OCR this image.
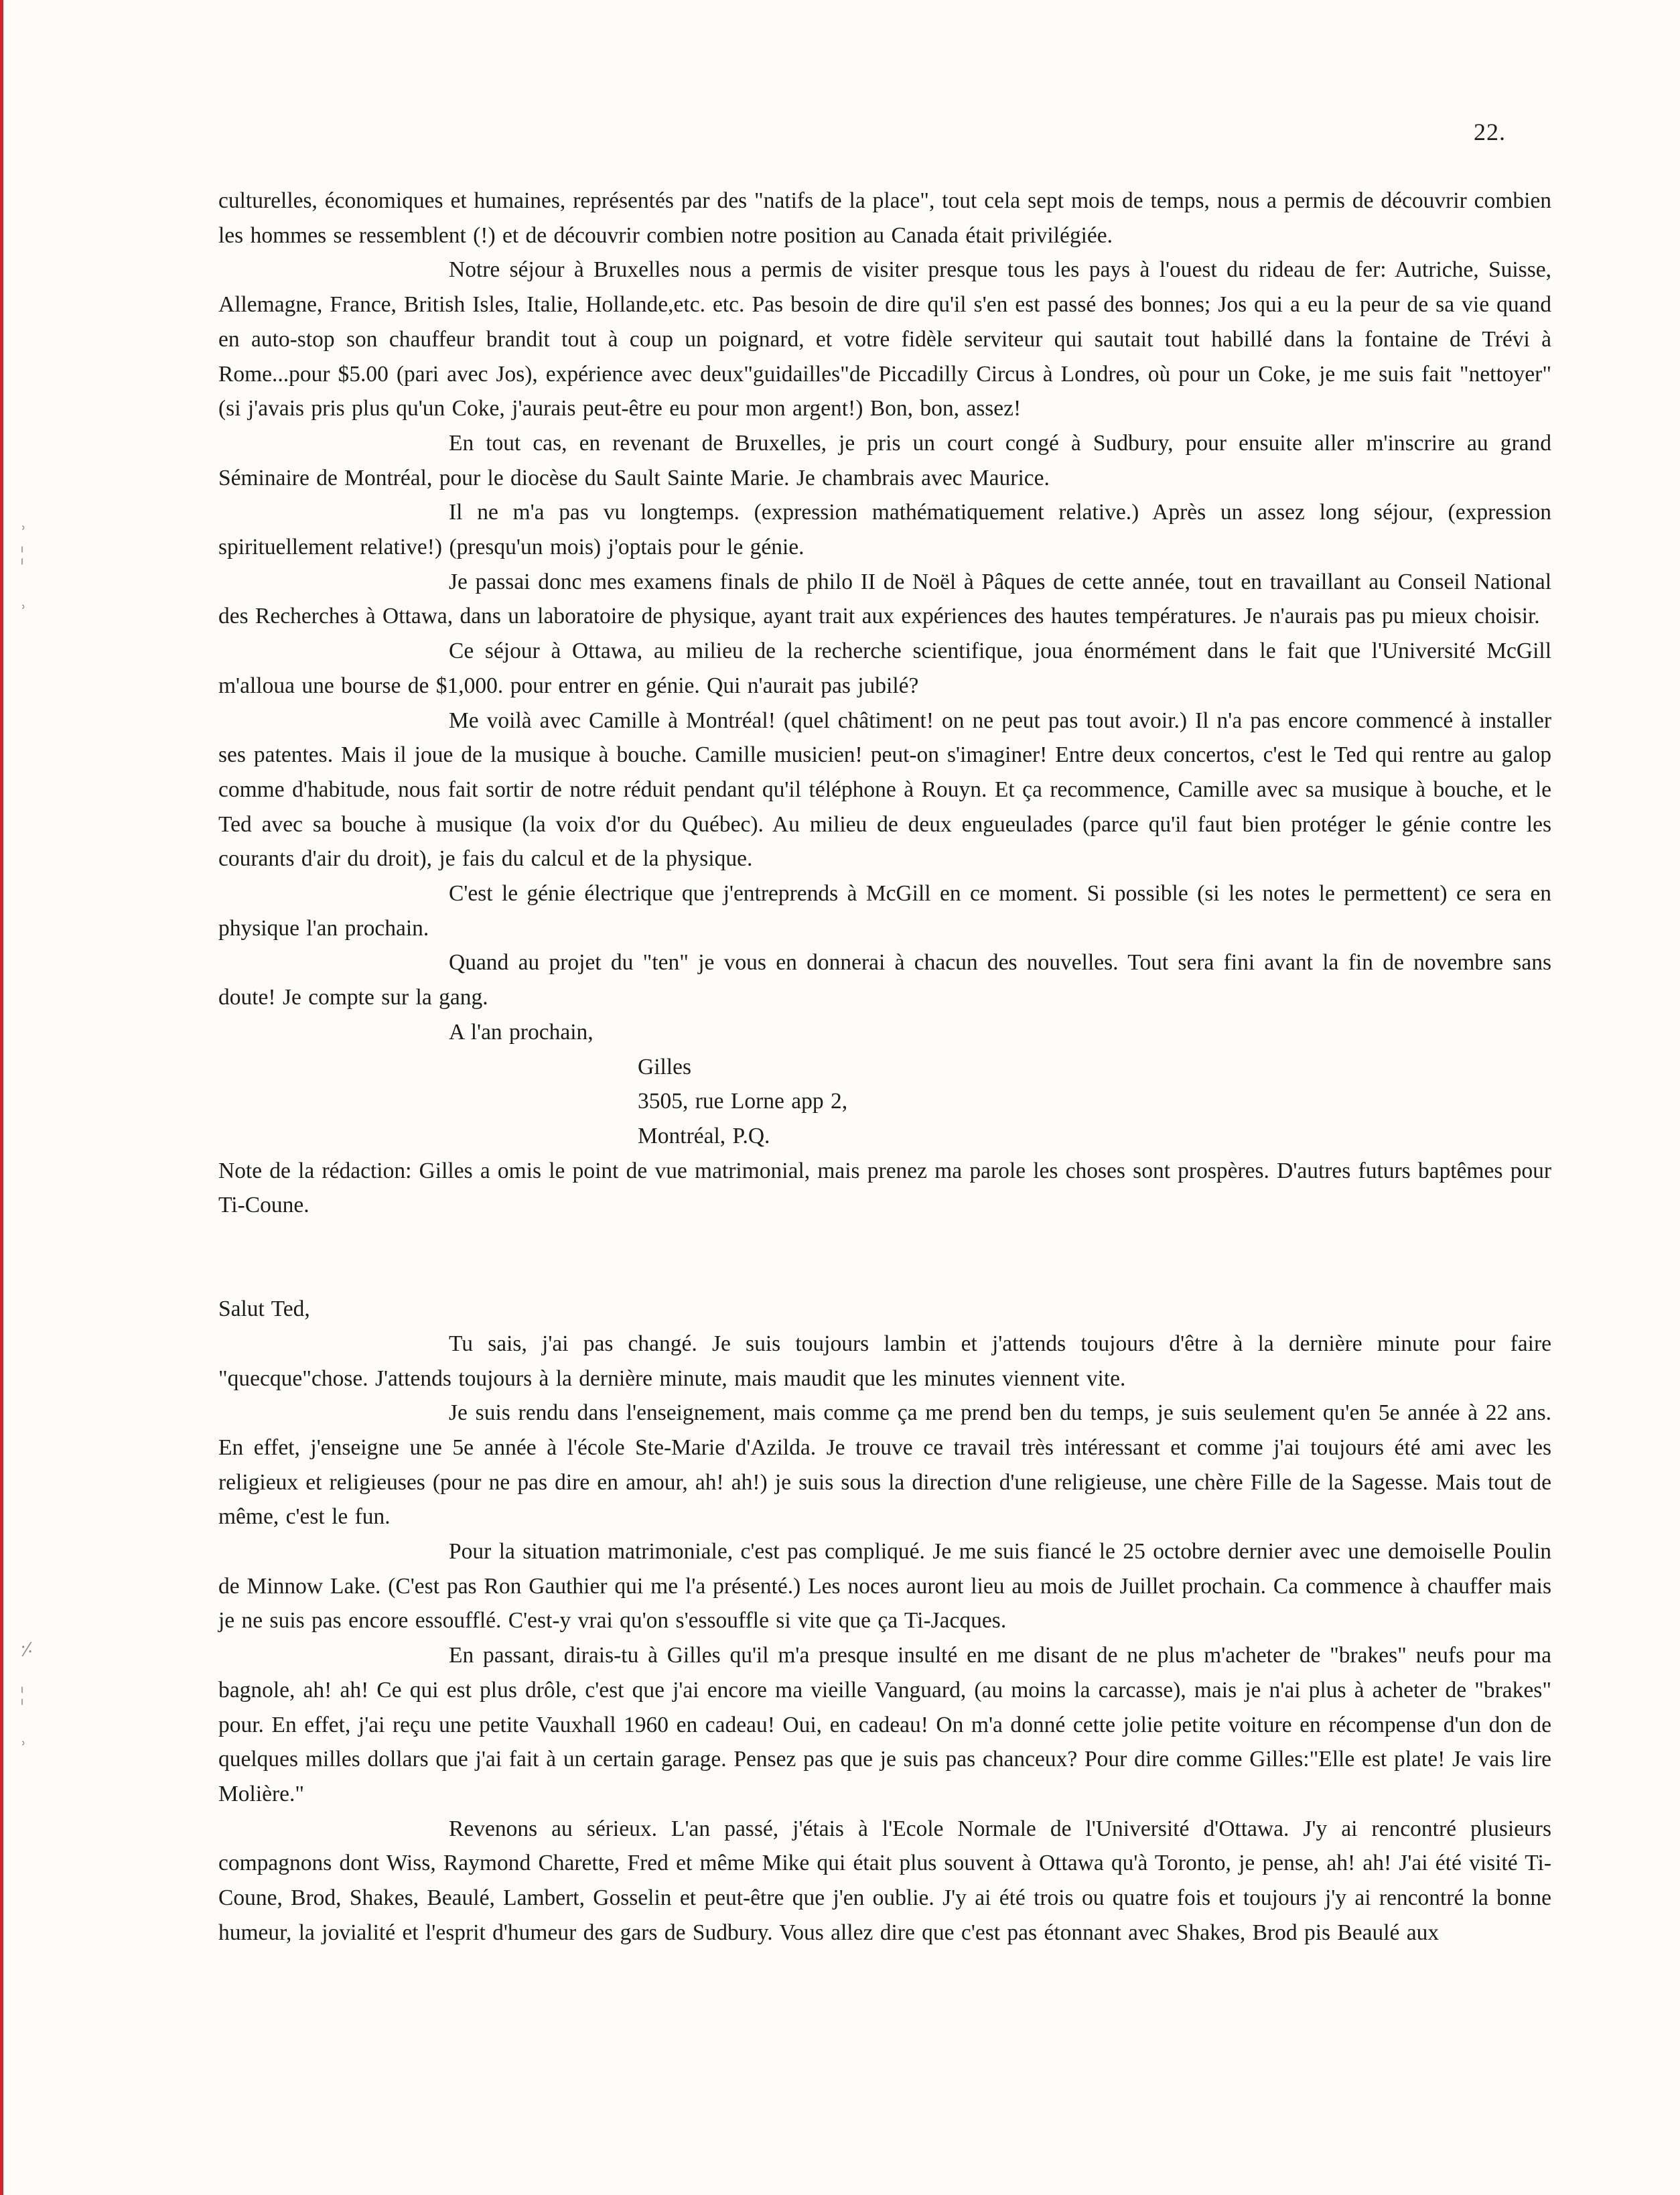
⸒
¦
⸒
⸓
¦
⸒
22.

culturelles, économiques et humaines, représentés par des "natifs de la place", tout cela sept mois de temps, nous a permis de découvrir combien les hommes se ressemblent (!) et de découvrir combien notre position au Canada était privilégiée.

Notre séjour à Bruxelles nous a permis de visiter presque tous les pays à l'ouest du rideau de fer: Autriche, Suisse, Allemagne, France, British Isles, Italie, Hollande,etc. etc. Pas besoin de dire qu'il s'en est passé des bonnes; Jos qui a eu la peur de sa vie quand en auto-stop son chauffeur brandit tout à coup un poignard, et votre fidèle serviteur qui sautait tout habillé dans la fontaine de Trévi à Rome...pour $5.00 (pari avec Jos), expérience avec deux"guidailles"de Piccadilly Circus à Londres, où pour un Coke, je me suis fait "nettoyer" (si j'avais pris plus qu'un Coke, j'aurais peut-être eu pour mon argent!) Bon, bon, assez!

En tout cas, en revenant de Bruxelles, je pris un court congé à Sudbury, pour ensuite aller m'inscrire au grand Séminaire de Montréal, pour le diocèse du Sault Sainte Marie. Je chambrais avec Maurice.

Il ne m'a pas vu longtemps. (expression mathématiquement relative.) Après un assez long séjour, (expression spirituellement relative!) (presqu'un mois) j'optais pour le génie.

Je passai donc mes examens finals de philo II de Noël à Pâques de cette année, tout en travaillant au Conseil National des Recherches à Ottawa, dans un laboratoire de physique, ayant trait aux expériences des hautes températures. Je n'aurais pas pu mieux choisir.

Ce séjour à Ottawa, au milieu de la recherche scientifique, joua énormément dans le fait que l'Université McGill m'alloua une bourse de $1,000. pour entrer en génie. Qui n'aurait pas jubilé?

Me voilà avec Camille à Montréal! (quel châtiment! on ne peut pas tout avoir.) Il n'a pas encore commencé à installer ses patentes. Mais il joue de la musique à bouche. Camille musicien! peut-on s'imaginer! Entre deux concertos, c'est le Ted qui rentre au galop comme d'habitude, nous fait sortir de notre réduit pendant qu'il téléphone à Rouyn. Et ça recommence, Camille avec sa musique à bouche, et le Ted avec sa bouche à musique (la voix d'or du Québec). Au milieu de deux engueulades (parce qu'il faut bien protéger le génie contre les courants d'air du droit), je fais du calcul et de la physique.

C'est le génie électrique que j'entreprends à McGill en ce moment. Si possible (si les notes le permettent) ce sera en physique l'an prochain.

Quand au projet du "ten" je vous en donnerai à chacun des nouvelles. Tout sera fini avant la fin de novembre sans doute! Je compte sur la gang.

A l'an prochain,

Gilles

3505, rue Lorne app 2,

Montréal, P.Q.

Note de la rédaction: Gilles a omis le point de vue matrimonial, mais prenez ma parole les choses sont prospères. D'autres futurs baptêmes pour Ti-Coune.

Salut Ted,

Tu sais, j'ai pas changé. Je suis toujours lambin et j'attends toujours d'être à la dernière minute pour faire "quecque"chose. J'attends toujours à la dernière minute, mais maudit que les minutes viennent vite.

Je suis rendu dans l'enseignement, mais comme ça me prend ben du temps, je suis seulement qu'en 5e année à 22 ans. En effet, j'enseigne une 5e année à l'école Ste-Marie d'Azilda. Je trouve ce travail très intéressant et comme j'ai toujours été ami avec les religieux et religieuses (pour ne pas dire en amour, ah! ah!) je suis sous la direction d'une religieuse, une chère Fille de la Sagesse. Mais tout de même, c'est le fun.

Pour la situation matrimoniale, c'est pas compliqué. Je me suis fiancé le 25 octobre dernier avec une demoiselle Poulin de Minnow Lake. (C'est pas Ron Gauthier qui me l'a présenté.) Les noces auront lieu au mois de Juillet prochain. Ca commence à chauffer mais je ne suis pas encore essoufflé. C'est-y vrai qu'on s'essouffle si vite que ça Ti-Jacques.

En passant, dirais-tu à Gilles qu'il m'a presque insulté en me disant de ne plus m'acheter de "brakes" neufs pour ma bagnole, ah! ah! Ce qui est plus drôle, c'est que j'ai encore ma vieille Vanguard, (au moins la carcasse), mais je n'ai plus à acheter de "brakes" pour. En effet, j'ai reçu une petite Vauxhall 1960 en cadeau! Oui, en cadeau! On m'a donné cette jolie petite voiture en récompense d'un don de quelques milles dollars que j'ai fait à un certain garage. Pensez pas que je suis pas chanceux? Pour dire comme Gilles:"Elle est plate! Je vais lire Molière."

Revenons au sérieux. L'an passé, j'étais à l'Ecole Normale de l'Université d'Ottawa. J'y ai rencontré plusieurs compagnons dont Wiss, Raymond Charette, Fred et même Mike qui était plus souvent à Ottawa qu'à Toronto, je pense, ah! ah! J'ai été visité Ti-Coune, Brod, Shakes, Beaulé, Lambert, Gosselin et peut-être que j'en oublie. J'y ai été trois ou quatre fois et toujours j'y ai rencontré la bonne humeur, la jovialité et l'esprit d'humeur des gars de Sudbury. Vous allez dire que c'est pas étonnant avec Shakes, Brod pis Beaulé aux
